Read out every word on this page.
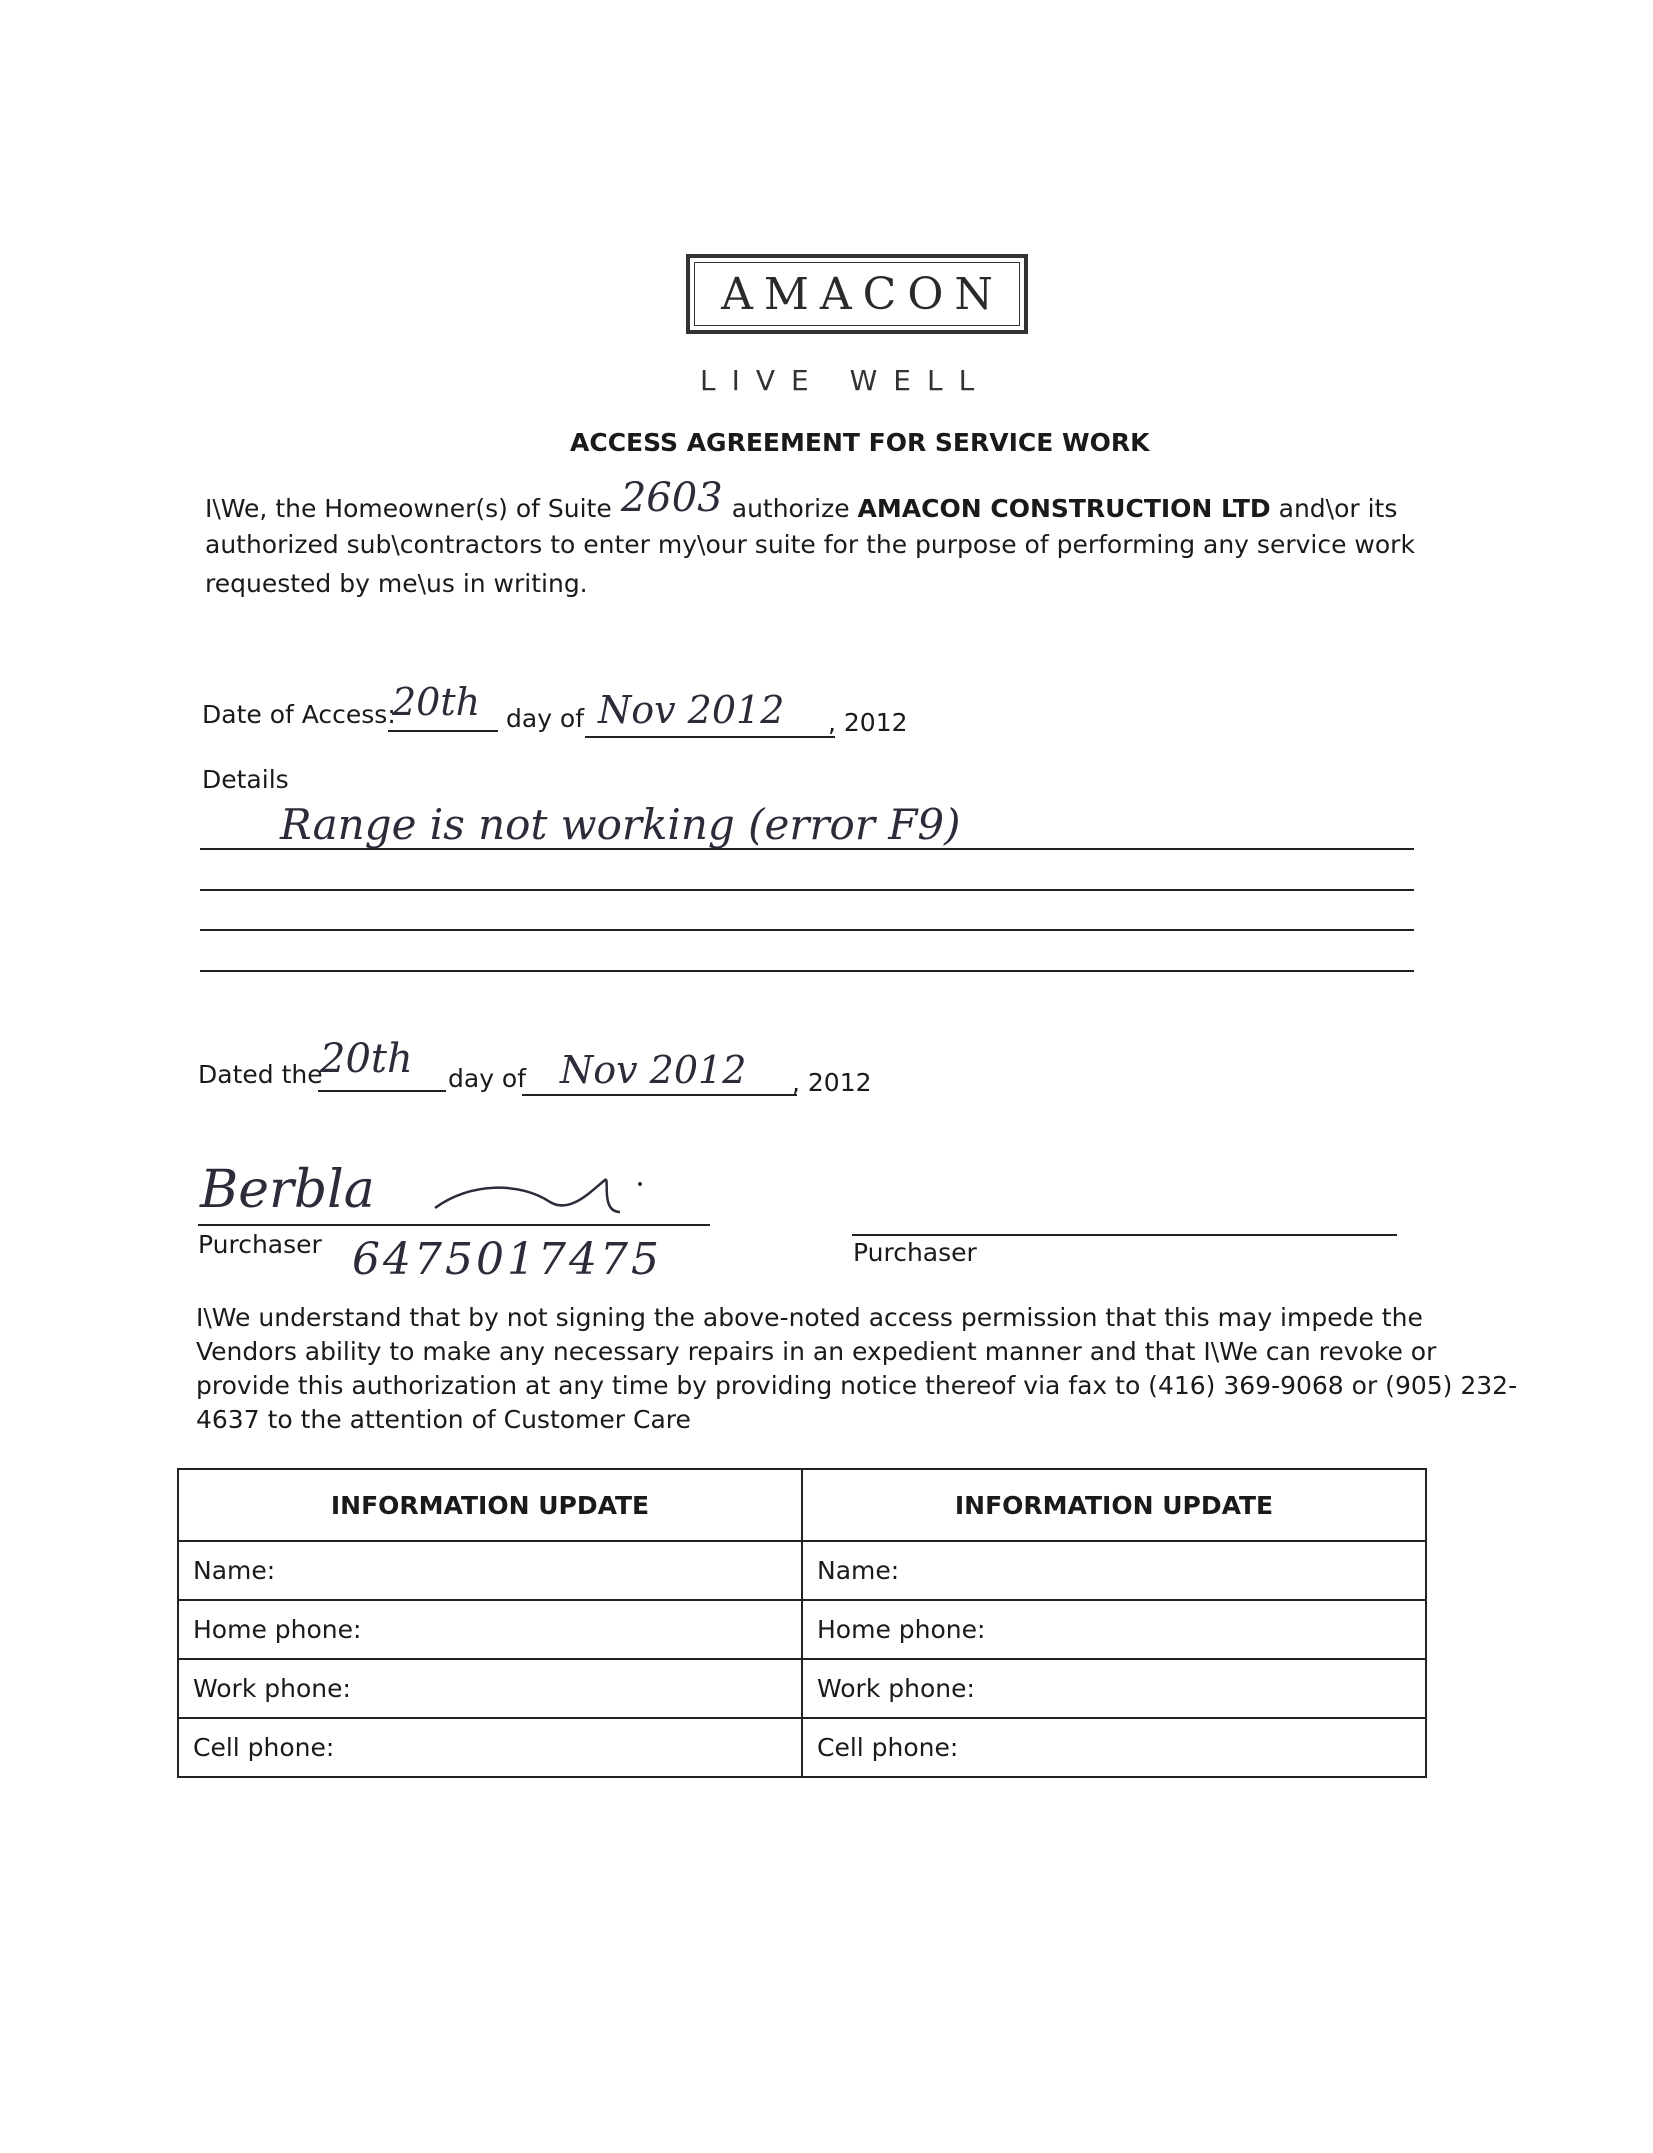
AMACON
LIVE WELL
ACCESS AGREEMENT FOR SERVICE WORK
I\We, the Homeowner(s) of Suite 2603 authorize AMACON CONSTRUCTION LTD and\or its
authorized sub\contractors to enter my\our suite for the purpose of performing any service work
requested by me\us in writing.
Date of Access:
20th day of Nov 2012 , 2012
Details
Range is not working (error F9)
Dated the
20th day of Nov 2012 , 2012
Berbla
Purchaser 6475017475	Purchaser
I\We understand that by not signing the above-noted access permission that this may impede the
Vendors ability to make any necessary repairs in an expedient manner and that I\We can revoke or
provide this authorization at any time by providing notice thereof via fax to (416) 369-9068 or (905) 232-
4637 to the attention of Customer Care
INFORMATION UPDATE	INFORMATION UPDATE
Name:	Name:
Home phone:	Home phone:
Work phone:	Work phone:
Cell phone:	Cell phone:
